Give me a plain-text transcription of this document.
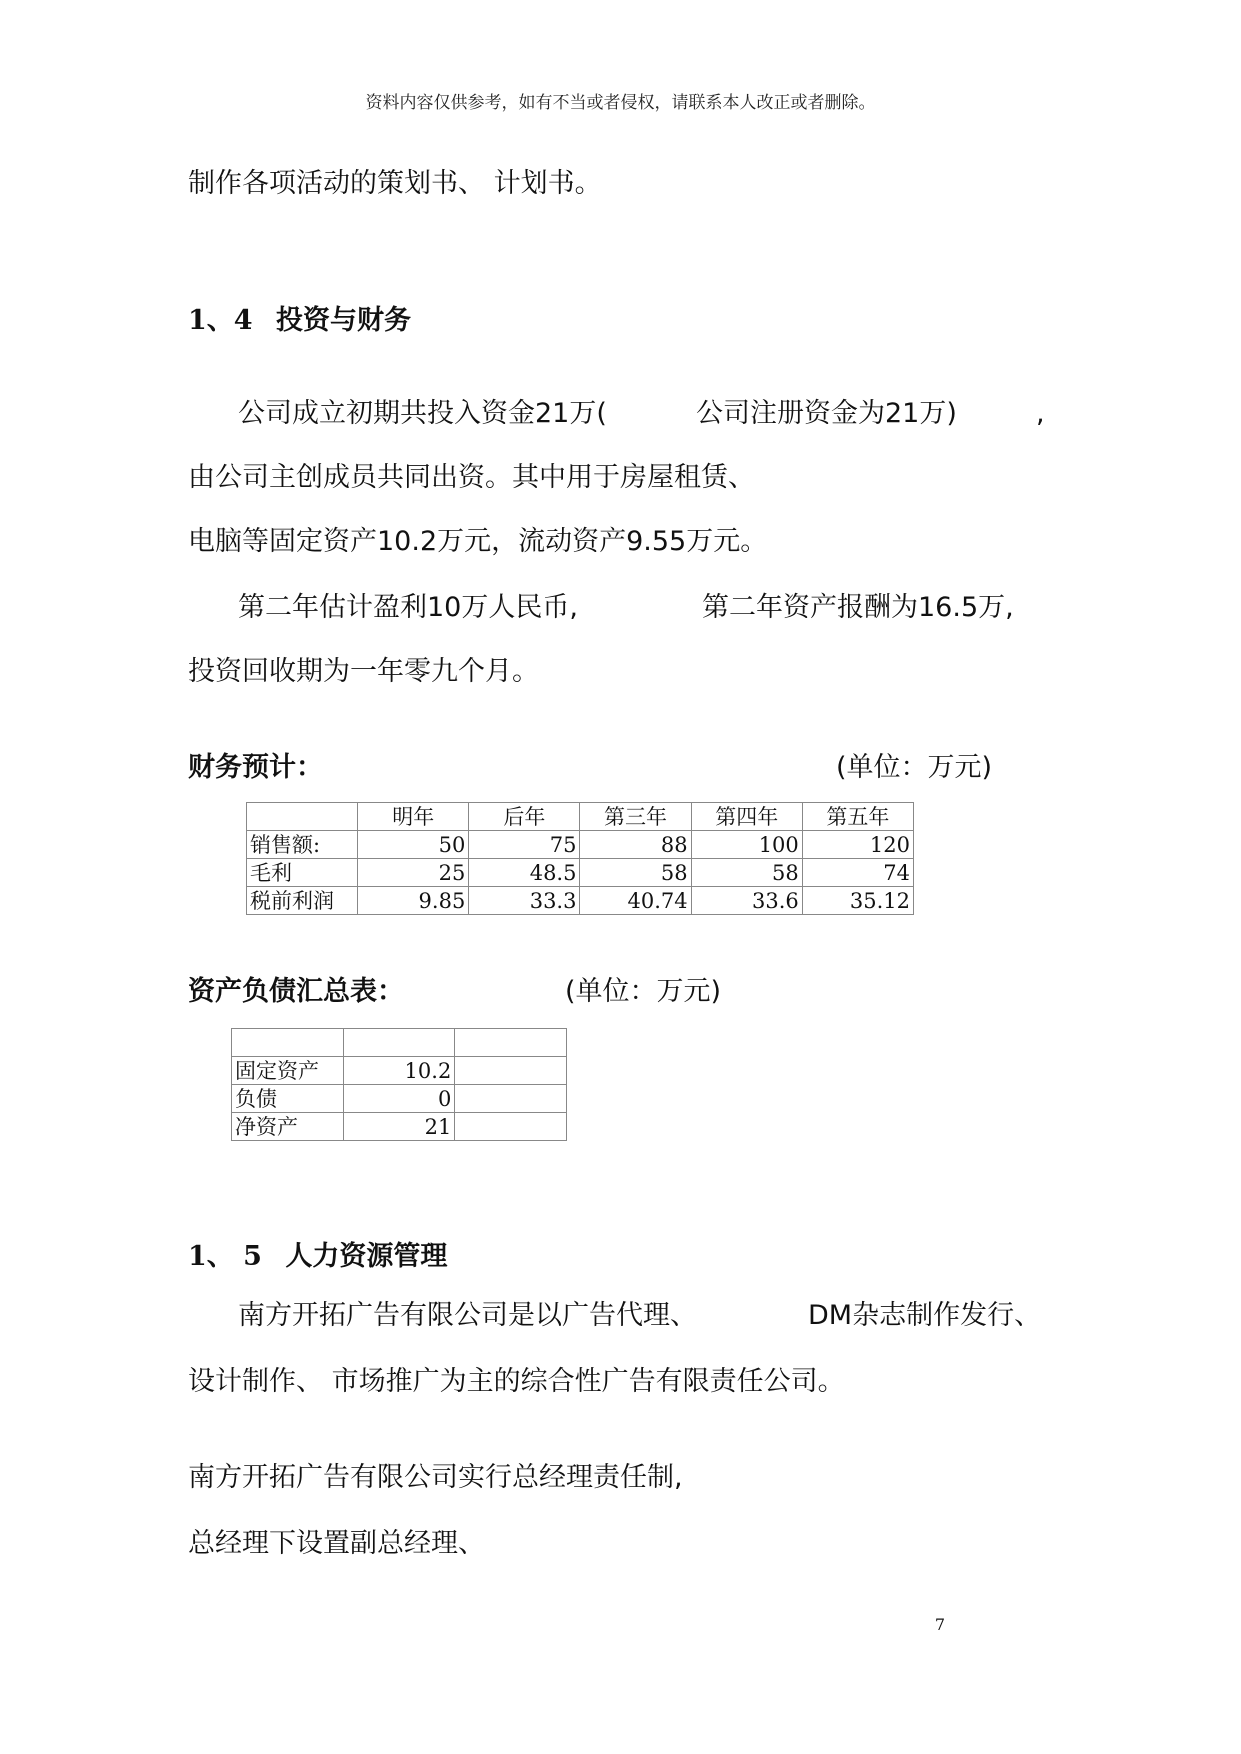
资料内容仅供参考，如有不当或者侵权，请联系本人改正或者删除。
制作各项活动的策划书、 计划书。
1、4 投资与财务
公司成立初期共投入资金21万(	公司注册资金为21万)	,
由公司主创成员共同出资。其中用于房屋租赁、
电脑等固定资产10.2万元，流动资产9.55万元。
第二年估计盈利10万人民币,	第二年资产报酬为16.5万,
投资回收期为一年零九个月。
财务预计：	(单位：万元)
	明年	后年	第三年	第四年	第五年
销售额:	50	75	88	100	120
毛利	25	48.5	58	58	74
税前利润	9.85	33.3	40.74	33.6	35.12
资产负债汇总表：	(单位：万元)

固定资产	10.2	
负债	0	
净资产	21	
1、 5 人力资源管理
南方开拓广告有限公司是以广告代理、	DM杂志制作发行、
设计制作、 市场推广为主的综合性广告有限责任公司。
南方开拓广告有限公司实行总经理责任制,
总经理下设置副总经理、
7
